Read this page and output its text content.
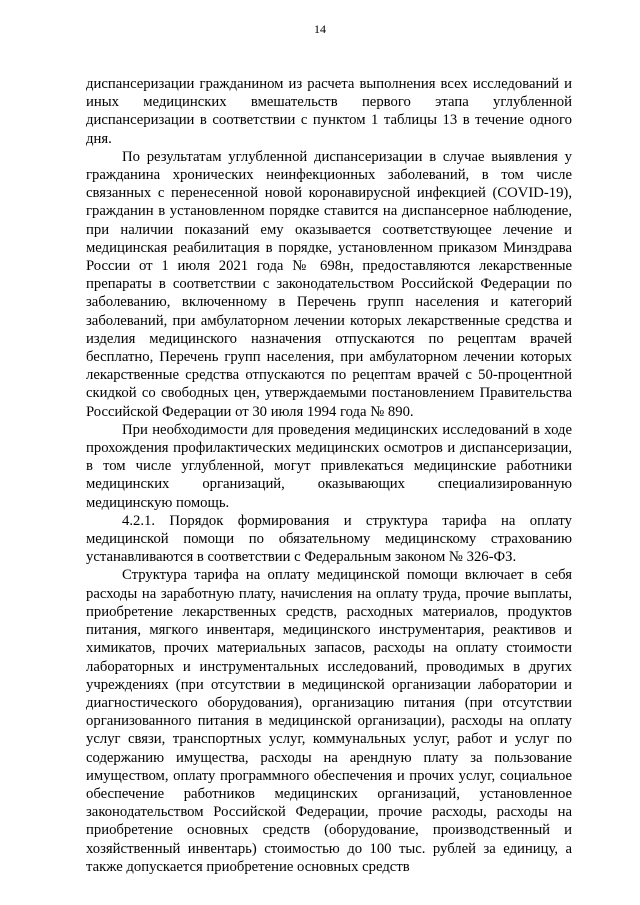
14

диспансеризации гражданином из расчета выполнения всех исследований и иных медицинских вмешательств первого этапа углубленной диспансеризации в соответствии с пунктом 1 таблицы 13 в течение одного дня.

По результатам углубленной диспансеризации в случае выявления у гражданина хронических неинфекционных заболеваний, в том числе связанных с перенесенной новой коронавирусной инфекцией (COVID-19), гражданин в установленном порядке ставится на диспансерное наблюдение, при наличии показаний ему оказывается соответствующее лечение и медицинская реабилитация в порядке, установленном приказом Минздрава России от 1 июля 2021 года № 698н, предоставляются лекарственные препараты в соответствии с законодательством Российской Федерации по заболеванию, включенному в Перечень групп населения и категорий заболеваний, при амбулаторном лечении которых лекарственные средства и изделия медицинского назначения отпускаются по рецептам врачей бесплатно, Перечень групп населения, при амбулаторном лечении которых лекарственные средства отпускаются по рецептам врачей с 50-процентной скидкой со свободных цен, утверждаемыми постановлением Правительства Российской Федерации от 30 июля 1994 года № 890.

При необходимости для проведения медицинских исследований в ходе прохождения профилактических медицинских осмотров и диспансеризации, в том числе углубленной, могут привлекаться медицинские работники медицинских организаций, оказывающих специализированную медицинскую помощь.

4.2.1. Порядок формирования и структура тарифа на оплату медицинской помощи по обязательному медицинскому страхованию устанавливаются в соответствии с Федеральным законом № 326-ФЗ.

Структура тарифа на оплату медицинской помощи включает в себя расходы на заработную плату, начисления на оплату труда, прочие выплаты, приобретение лекарственных средств, расходных материалов, продуктов питания, мягкого инвентаря, медицинского инструментария, реактивов и химикатов, прочих материальных запасов, расходы на оплату стоимости лабораторных и инструментальных исследований, проводимых в других учреждениях (при отсутствии в медицинской организации лаборатории и диагностического оборудования), организацию питания (при отсутствии организованного питания в медицинской организации), расходы на оплату услуг связи, транспортных услуг, коммунальных услуг, работ и услуг по содержанию имущества, расходы на арендную плату за пользование имуществом, оплату программного обеспечения и прочих услуг, социальное обеспечение работников медицинских организаций, установленное законодательством Российской Федерации, прочие расходы, расходы на приобретение основных средств (оборудование, производственный и хозяйственный инвентарь) стоимостью до 100 тыс. рублей за единицу, а также допускается приобретение основных средств
